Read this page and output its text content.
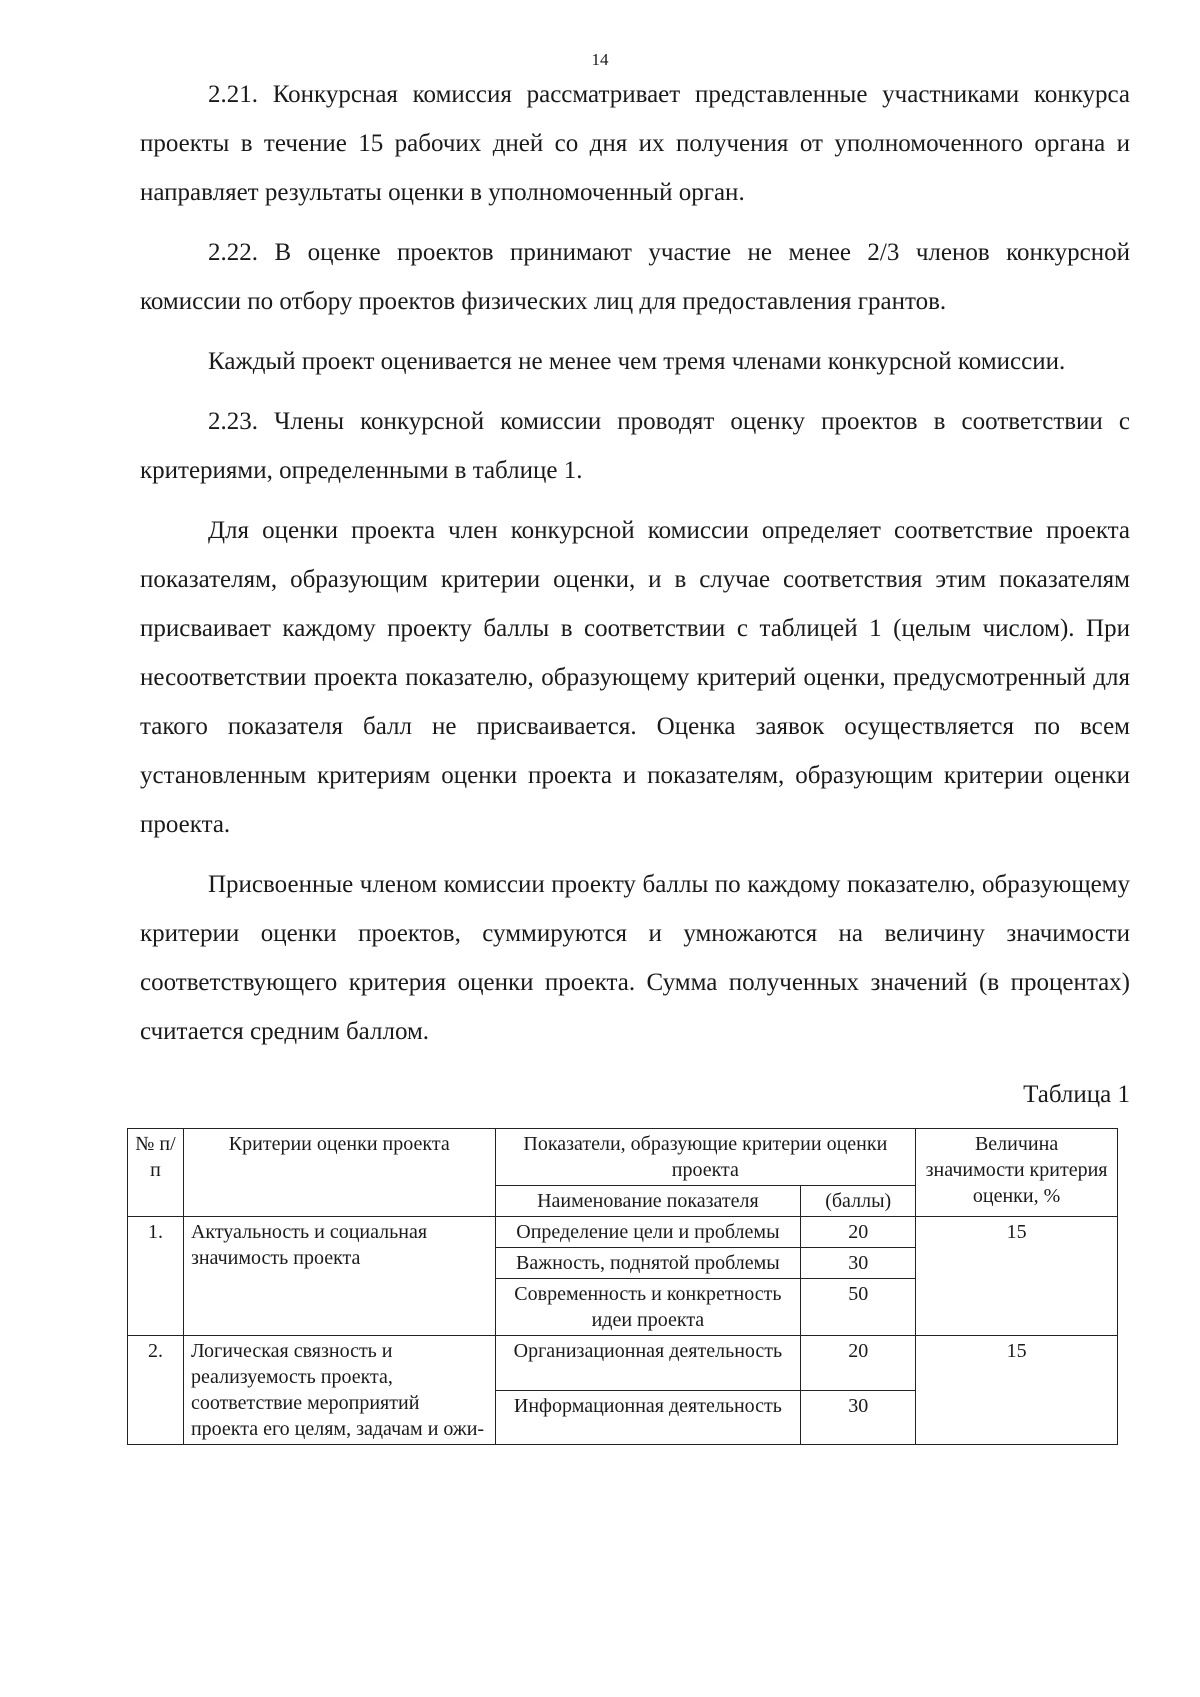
14

2.21. Конкурсная комиссия рассматривает представленные участниками конкурса проекты в течение 15 рабочих дней со дня их получения от уполномоченного органа и направляет результаты оценки в уполномоченный орган.

2.22. В оценке проектов принимают участие не менее 2/3 членов конкурсной комиссии по отбору проектов физических лиц для предоставления грантов.

Каждый проект оценивается не менее чем тремя членами конкурсной комиссии.

2.23. Члены конкурсной комиссии проводят оценку проектов в соответствии с критериями, определенными в таблице 1.

Для оценки проекта член конкурсной комиссии определяет соответствие проекта показателям, образующим критерии оценки, и в случае соответствия этим показателям присваивает каждому проекту баллы в соответствии с таблицей 1 (целым числом). При несоответствии проекта показателю, образующему критерий оценки, предусмотренный для такого показателя балл не присваивается. Оценка заявок осуществляется по всем установленным критериям оценки проекта и показателям, образующим критерии оценки проекта.

Присвоенные членом комиссии проекту баллы по каждому показателю, образующему критерии оценки проектов, суммируются и умножаются на величину значимости соответствующего критерия оценки проекта. Сумма полученных значений (в процентах) считается средним баллом.

Таблица 1
№ п/п	Критерии оценки проекта	Показатели, образующие критерии оценки проекта		Величина значимости критерия оценки, %
		Наименование показателя	(баллы)	
1.	Актуальность и социальная значимость проекта	Определение цели и проблемы	20	15
		Важность, поднятой проблемы	30	
		Современность и конкретность идеи проекта	50	
2.	Логическая связность и реализуемость проекта, соответствие мероприятий проекта его целям, задачам и ожи-	Организационная деятельность	20	15
		Информационная деятельность	30	
